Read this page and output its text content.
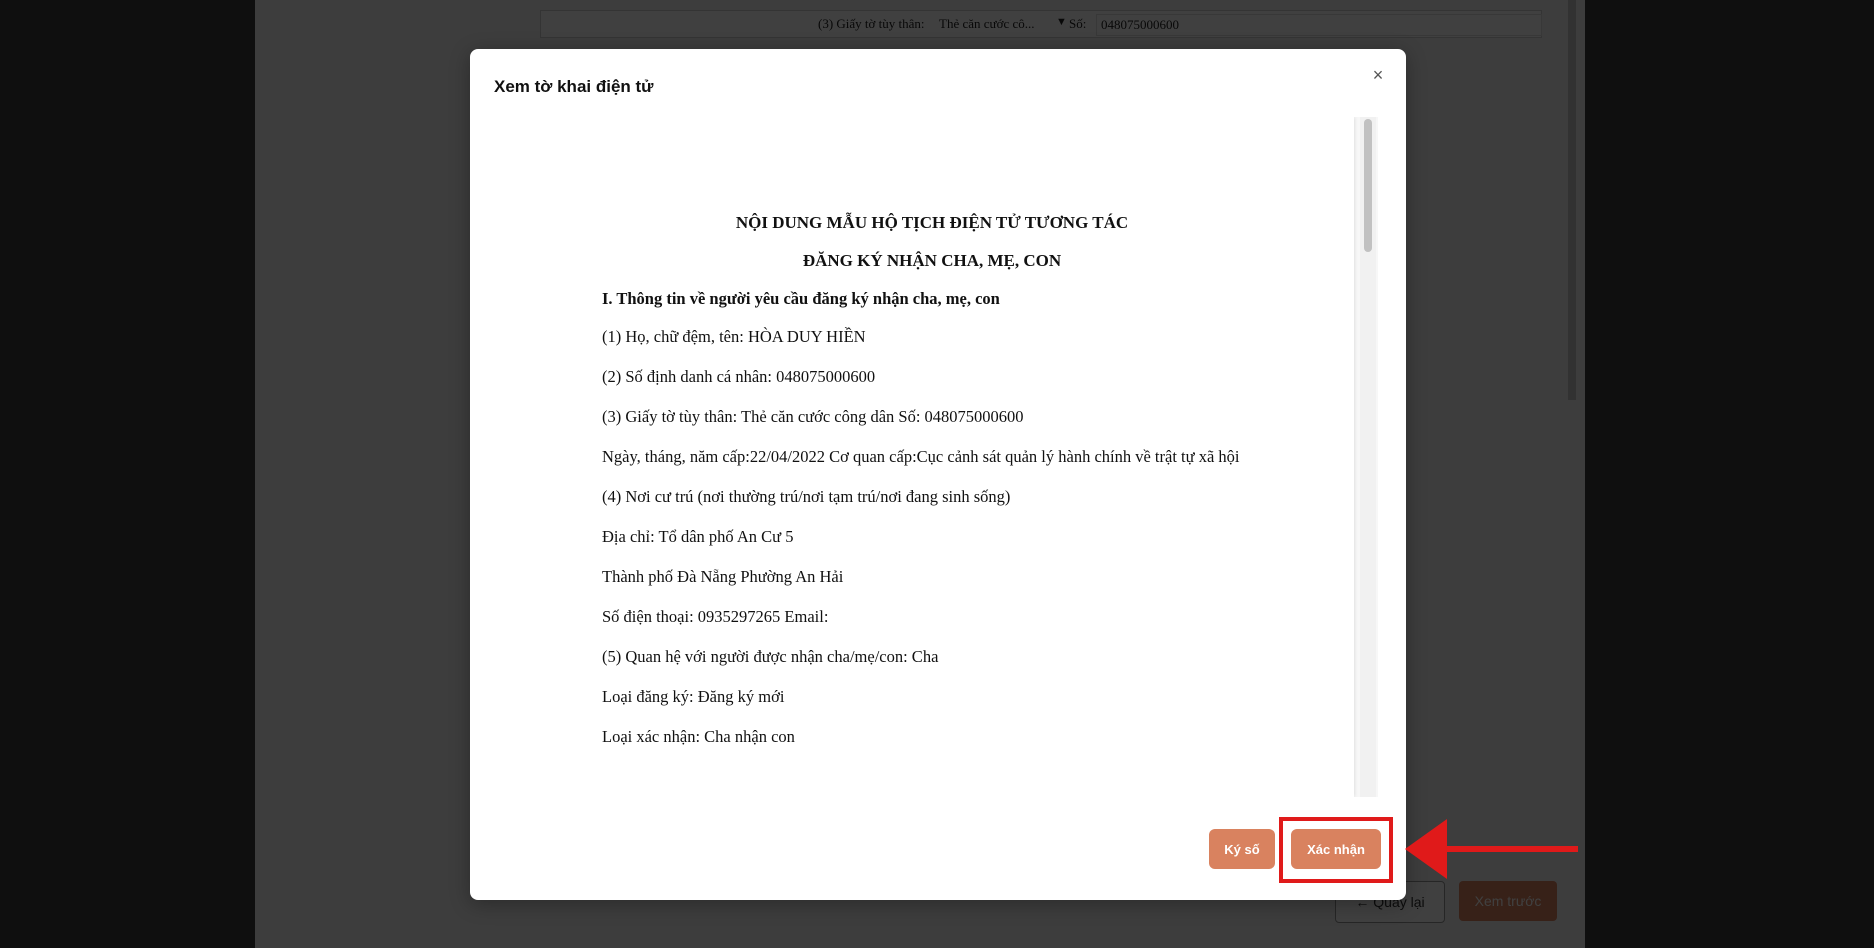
Xem tờ khai điện tử
×

NỘI DUNG MẪU HỘ TỊCH ĐIỆN TỬ TƯƠNG TÁC

ĐĂNG KÝ NHẬN CHA, MẸ, CON

I. Thông tin về người yêu cầu đăng ký nhận cha, mẹ, con

(1) Họ, chữ đệm, tên: HÒA DUY HIỀN

(2) Số định danh cá nhân: 048075000600

(3) Giấy tờ tùy thân: Thẻ căn cước công dân Số: 048075000600

Ngày, tháng, năm cấp:22/04/2022 Cơ quan cấp:Cục cảnh sát quản lý hành chính về trật tự xã hội

(4) Nơi cư trú (nơi thường trú/nơi tạm trú/nơi đang sinh sống)

Địa chỉ: Tổ dân phố An Cư 5

Thành phố Đà Nẵng Phường An Hải

Số điện thoại: 0935297265 Email:

(5) Quan hệ với người được nhận cha/mẹ/con: Cha

Loại đăng ký: Đăng ký mới

Loại xác nhận: Cha nhận con

Ký số	Xác nhận
